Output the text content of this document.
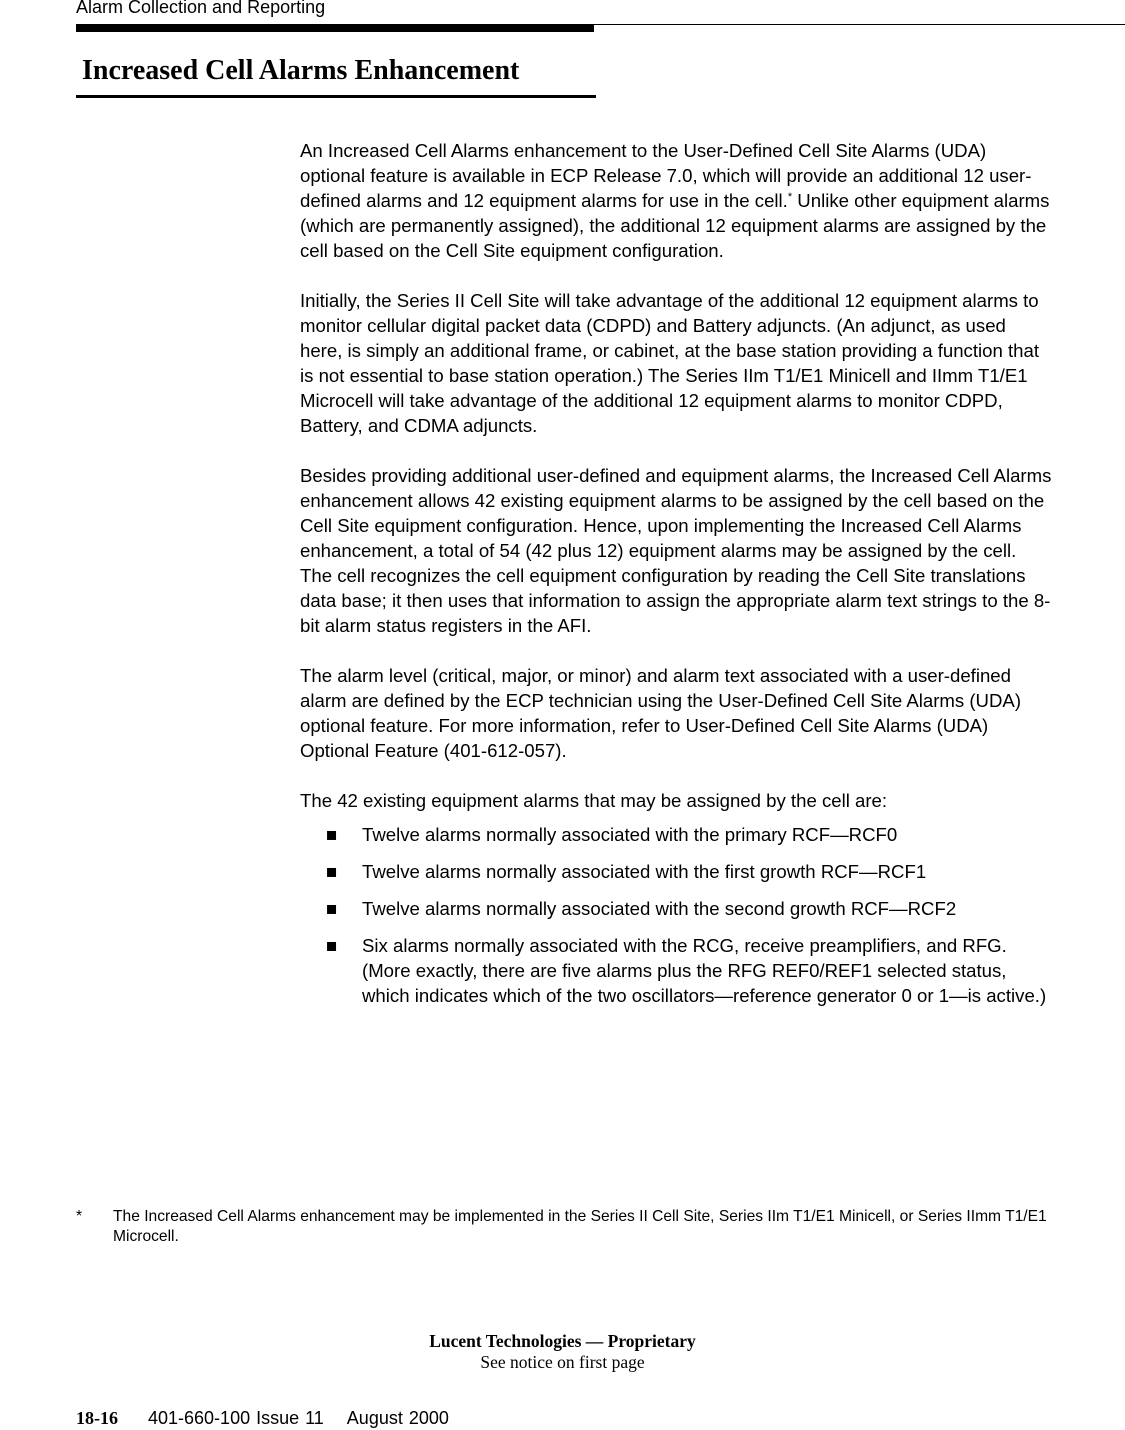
Alarm Collection and Reporting
Increased Cell Alarms Enhancement

An Increased Cell Alarms enhancement to the User-Defined Cell Site Alarms (UDA) optional feature is available in ECP Release 7.0, which will provide an additional 12 user-defined alarms and 12 equipment alarms for use in the cell.* Unlike other equipment alarms (which are permanently assigned), the additional 12 equipment alarms are assigned by the cell based on the Cell Site equipment configuration.

Initially, the Series II Cell Site will take advantage of the additional 12 equipment alarms to monitor cellular digital packet data (CDPD) and Battery adjuncts. (An adjunct, as used here, is simply an additional frame, or cabinet, at the base station providing a function that is not essential to base station operation.) The Series IIm T1/E1 Minicell and IImm T1/E1 Microcell will take advantage of the additional 12 equipment alarms to monitor CDPD, Battery, and CDMA adjuncts.

Besides providing additional user-defined and equipment alarms, the Increased Cell Alarms enhancement allows 42 existing equipment alarms to be assigned by the cell based on the Cell Site equipment configuration. Hence, upon implementing the Increased Cell Alarms enhancement, a total of 54 (42 plus 12) equipment alarms may be assigned by the cell. The cell recognizes the cell equipment configuration by reading the Cell Site translations data base; it then uses that information to assign the appropriate alarm text strings to the 8-bit alarm status registers in the AFI.

The alarm level (critical, major, or minor) and alarm text associated with a user-defined alarm are defined by the ECP technician using the User-Defined Cell Site Alarms (UDA) optional feature. For more information, refer to User-Defined Cell Site Alarms (UDA) Optional Feature (401-612-057).

The 42 existing equipment alarms that may be assigned by the cell are:

■ Twelve alarms normally associated with the primary RCF—RCF0
■ Twelve alarms normally associated with the first growth RCF—RCF1
■ Twelve alarms normally associated with the second growth RCF—RCF2
■ Six alarms normally associated with the RCG, receive preamplifiers, and RFG. (More exactly, there are five alarms plus the RFG REF0/REF1 selected status, which indicates which of the two oscillators—reference generator 0 or 1—is active.)
* The Increased Cell Alarms enhancement may be implemented in the Series II Cell Site, Series IIm T1/E1 Minicell, or Series IImm T1/E1 Microcell.
Lucent Technologies — Proprietary
See notice on first page
18-16 401-660-100 Issue 11    August 2000
